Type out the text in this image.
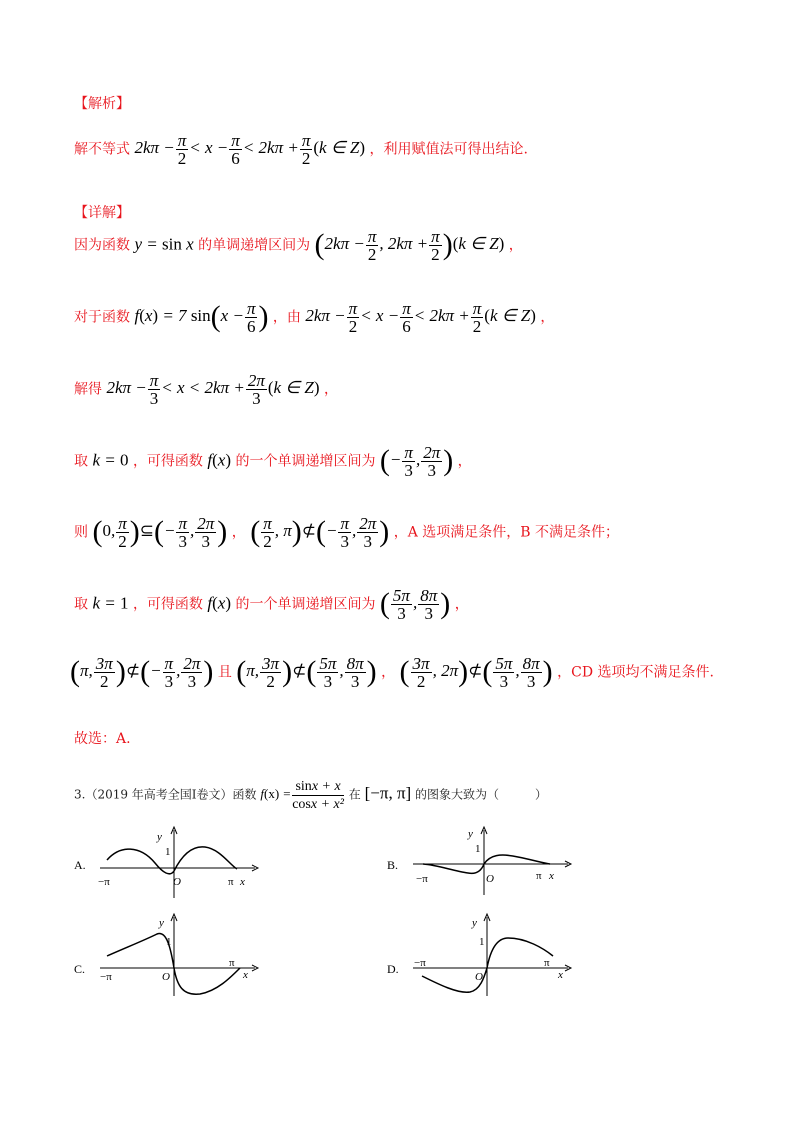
【解析】
解不等式 $2k\pi - \frac{\pi}{2} < x - \frac{\pi}{6} < 2k\pi + \frac{\pi}{2} (k$ ∈ Z) ，利用赋值法可得出结论.
【详解】
因为函数 y = sin x 的单调递增区间为 ($2k\pi - \frac{\pi}{2}$ , $2k\pi + \frac{\pi}{2} )(k$ ∈ Z) ，
对于函数 f(x) = 7 $\sin(x - \frac{\pi}{6}$ ) ，由 $2k\pi - \frac{\pi}{2} < x - \frac{\pi}{6} < 2k\pi + \frac{\pi}{2} (k$ ∈ Z) ，
解得 $2k\pi - \frac{\pi}{3} < x < 2k\pi + \frac{2\pi}{3} (k$ ∈ Z) ，
取 k = 0 ，可得函数 f(x) 的一个单调递增区间为 (− $\frac{\pi}{3}$ , $\frac{2\pi}{3}$ ) ，
则 (0, $\frac{\pi}{2}$ )⊆(− $\frac{\pi}{3}$ , $\frac{2\pi}{3}$ ) ， ( $\frac{\pi}{2}$ , π)⊄(− $\frac{\pi}{3}$ , $\frac{2\pi}{3}$ ) ，A 选项满足条件，B 不满足条件；
取 k = 1 ，可得函数 f(x) 的一个单调递增区间为 ( $\frac{5\pi}{3}$ , $\frac{8\pi}{3}$ ) ，
(π, $\frac{3\pi}{2}$ )⊄(− $\frac{\pi}{3}$ , $\frac{2\pi}{3}$ ) 且 (π, $\frac{3\pi}{2}$ )⊄( $\frac{5\pi}{3}$ , $\frac{8\pi}{3}$ ) ， ( $\frac{3\pi}{2}$ , 2π)⊄( $\frac{5\pi}{3}$ , $\frac{8\pi}{3}$ ) ，CD 选项均不满足条件.
故选：A.
3.（2019 年高考全国Ⅰ卷文）函数 $f(x) = \frac{\sin x + x}{\text{cosx + x²}}$ 在 [−π, π] 的图象大致为（　　　）
A.
y
1
O
−π	π x
B.
y
1
O
−π	π x
C.
y
1
O
−π
π
x	D.
y
1
O
−π	π
x
